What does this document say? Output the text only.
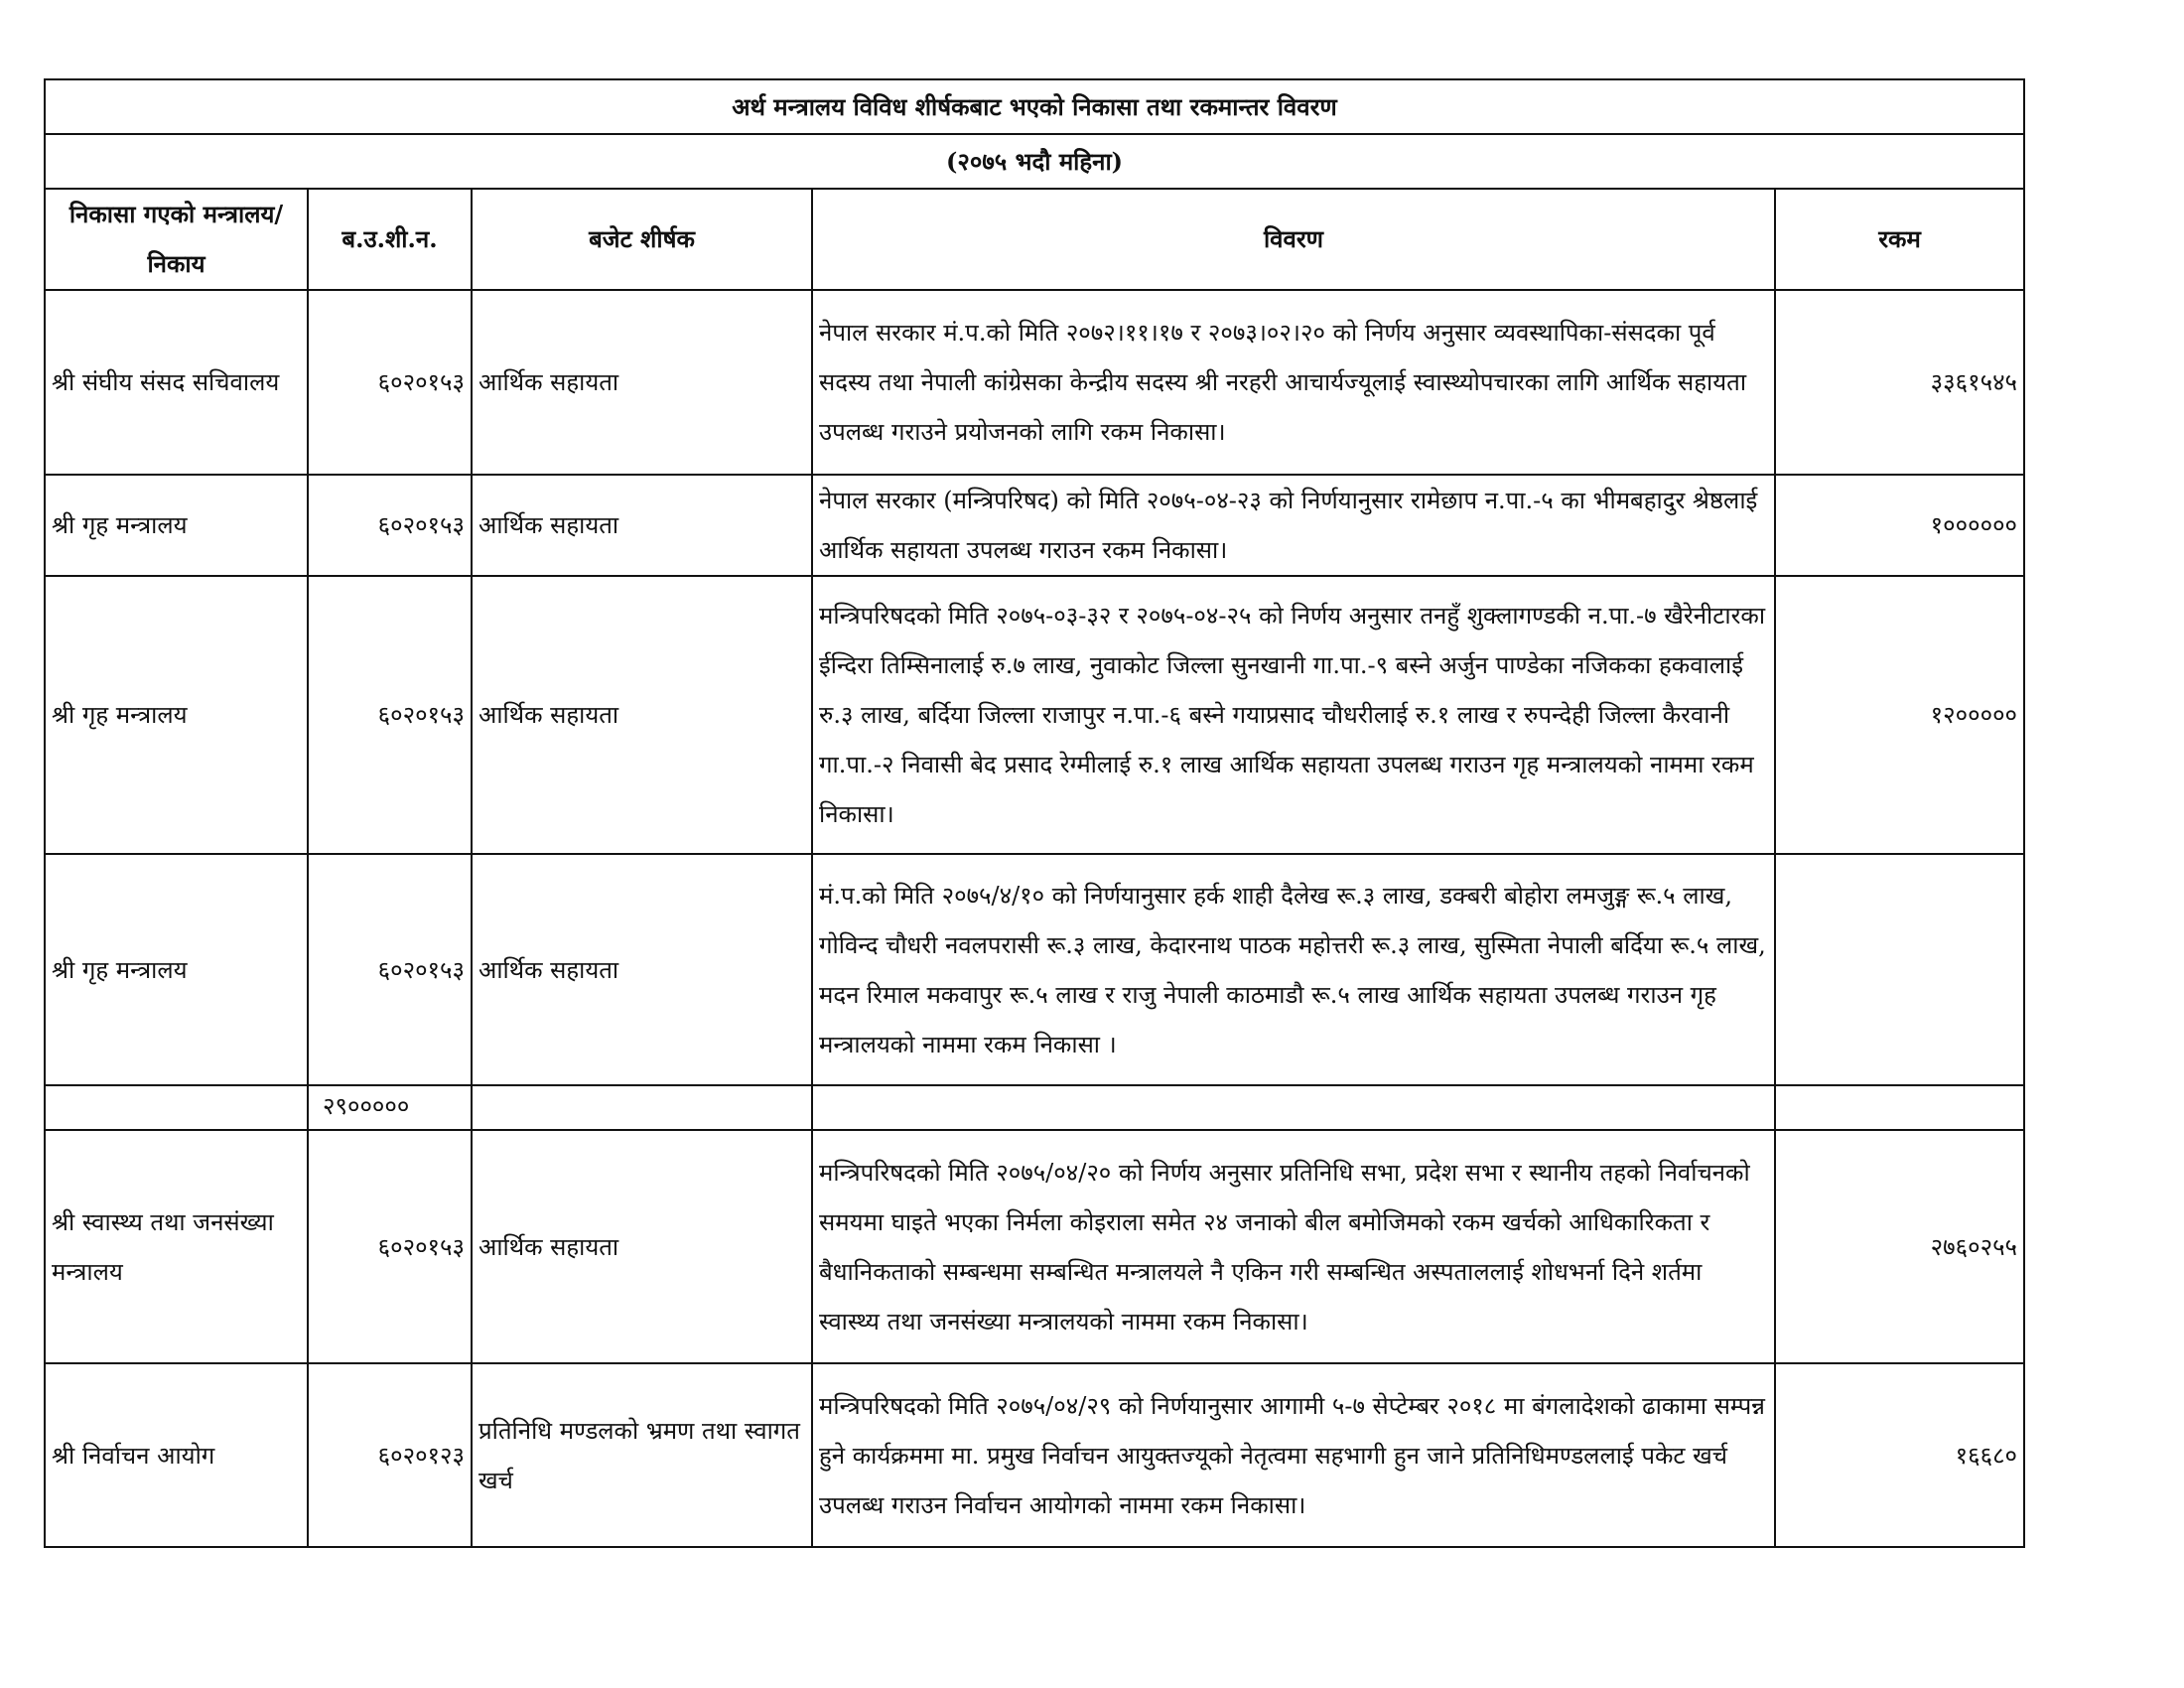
अर्थ मन्त्रालय विविध शीर्षकबाट भएको निकासा तथा रकमान्तर विवरण				
(२०७५ भदौ महिना)				
निकासा गएको मन्त्रालय/निकाय	ब.उ.शी.न.	बजेट शीर्षक	विवरण	रकम
श्री संघीय संसद सचिवालय	६०२०१५३	आर्थिक सहायता	नेपाल सरकार मं.प.को मिति २०७२।११।१७ र २०७३।०२।२० को निर्णय अनुसार व्यवस्थापिका-संसदका पूर्व सदस्य तथा नेपाली कांग्रेसका केन्द्रीय सदस्य श्री नरहरी आचार्यज्यूलाई स्वास्थ्योपचारका लागि आर्थिक सहायता उपलब्ध गराउने प्रयोजनको लागि रकम निकासा।	३३६१५४५
श्री गृह मन्त्रालय	६०२०१५३	आर्थिक सहायता	नेपाल सरकार (मन्त्रिपरिषद) को मिति २०७५-०४-२३ को निर्णयानुसार रामेछाप न.पा.-५ का भीमबहादुर श्रेष्ठलाई आर्थिक सहायता उपलब्ध गराउन रकम निकासा।	१००००००
श्री गृह मन्त्रालय	६०२०१५३	आर्थिक सहायता	मन्त्रिपरिषदको मिति २०७५-०३-३२ र २०७५-०४-२५ को निर्णय अनुसार तनहुँ शुक्लागण्डकी न.पा.-७ खैरेनीटारका ईन्दिरा तिम्सिनालाई रु.७ लाख, नुवाकोट जिल्ला सुनखानी गा.पा.-९ बस्ने अर्जुन पाण्डेका नजिकका हकवालाई रु.३ लाख, बर्दिया जिल्ला राजापुर न.पा.-६ बस्ने गयाप्रसाद चौधरीलाई रु.१ लाख र रुपन्देही जिल्ला कैरवानी गा.पा.-२ निवासी बेद प्रसाद रेग्मीलाई रु.१ लाख आर्थिक सहायता उपलब्ध गराउन गृह मन्त्रालयको नाममा रकम निकासा।	१२०००००
श्री गृह मन्त्रालय	६०२०१५३	आर्थिक सहायता	मं.प.को मिति २०७५/४/१० को निर्णयानुसार हर्क शाही दैलेख रू.३ लाख, डक्बरी बोहोरा लमजुङ्ग रू.५ लाख, गोविन्द चौधरी नवलपरासी रू.३ लाख, केदारनाथ पाठक महोत्तरी रू.३ लाख, सुस्मिता नेपाली बर्दिया रू.५ लाख, मदन रिमाल मकवापुर रू.५ लाख र राजु नेपाली काठमाडौ रू.५ लाख आर्थिक सहायता उपलब्ध गराउन गृह मन्त्रालयको नाममा रकम निकासा ।	
	२९०००००			
श्री स्वास्थ्य तथा जनसंख्या मन्त्रालय	६०२०१५३	आर्थिक सहायता	मन्त्रिपरिषदको मिति २०७५/०४/२० को निर्णय अनुसार प्रतिनिधि सभा, प्रदेश सभा र स्थानीय तहको निर्वाचनको समयमा घाइते भएका निर्मला कोइराला समेत २४ जनाको बील बमोजिमको रकम खर्चको आधिकारिकता र बैधानिकताको सम्बन्धमा सम्बन्धित मन्त्रालयले नै एकिन गरी सम्बन्धित अस्पताललाई शोधभर्ना दिने शर्तमा स्वास्थ्य तथा जनसंख्या मन्त्रालयको नाममा रकम निकासा।	२७६०२५५
श्री निर्वाचन आयोग	६०२०१२३	प्रतिनिधि मण्डलको भ्रमण तथा स्वागत खर्च	मन्त्रिपरिषदको मिति २०७५/०४/२९ को निर्णयानुसार आगामी ५-७ सेप्टेम्बर २०१८ मा बंगलादेशको ढाकामा सम्पन्न हुने कार्यक्रममा मा. प्रमुख निर्वाचन आयुक्तज्यूको नेतृत्वमा सहभागी हुन जाने प्रतिनिधिमण्डललाई पकेट खर्च उपलब्ध गराउन निर्वाचन आयोगको नाममा रकम निकासा।	१६६८०
